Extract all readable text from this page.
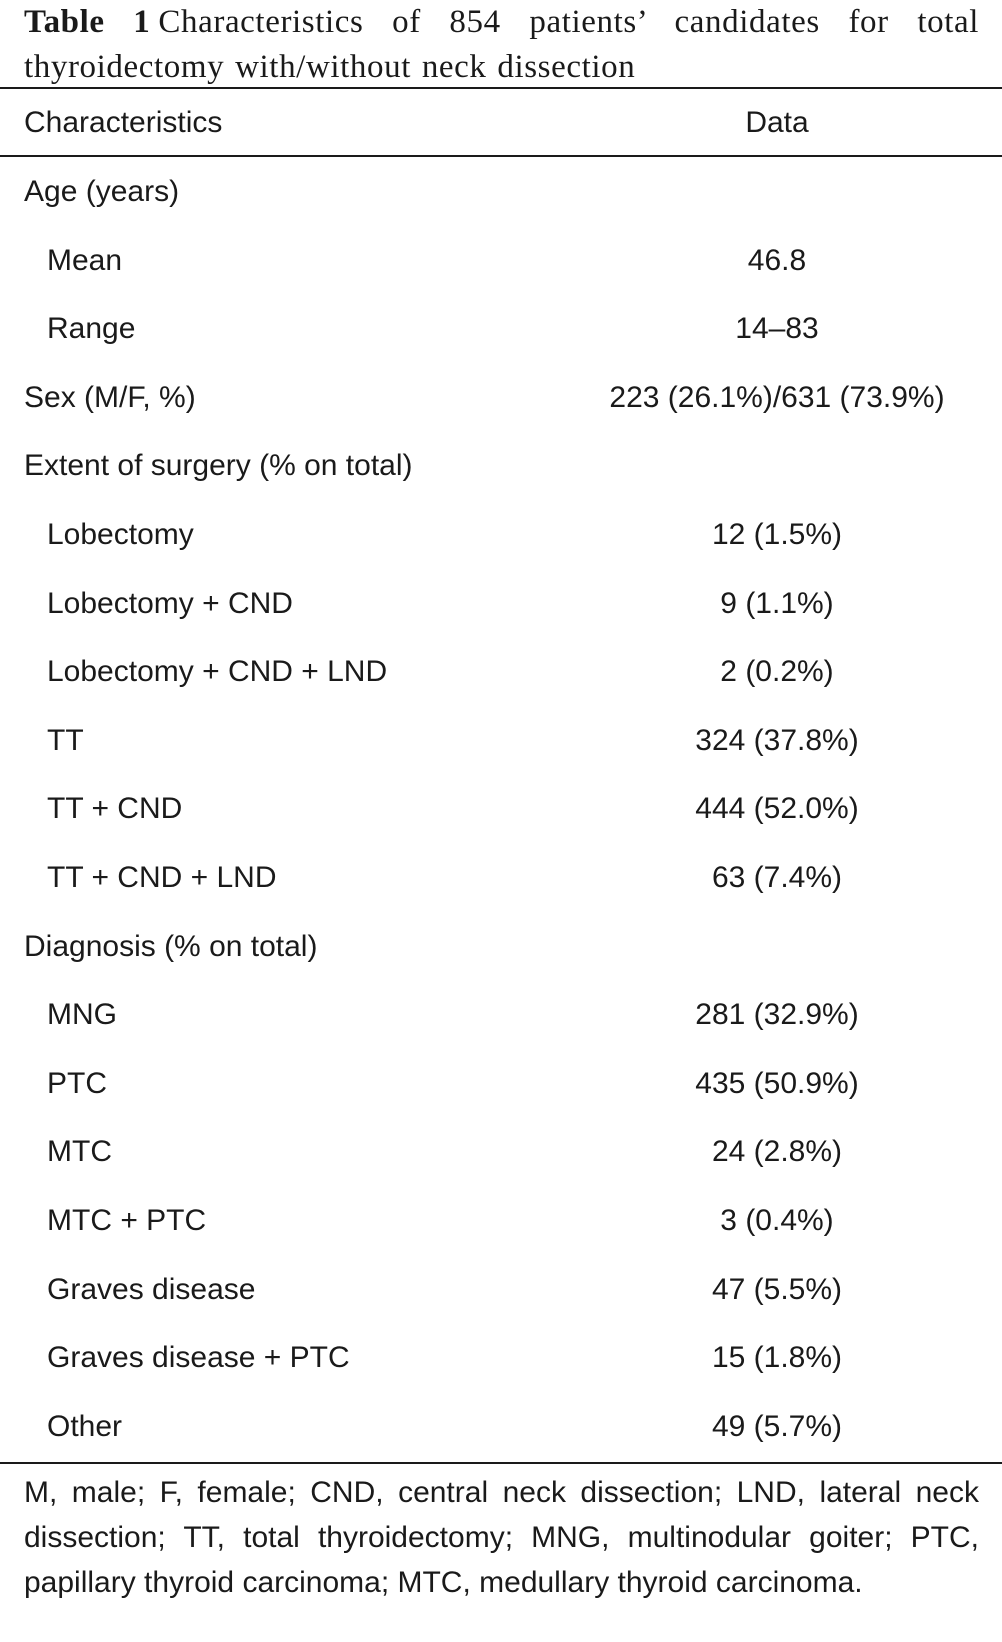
Table 1 Characteristics of 854 patients’ candidates for total thyroidectomy with/without neck dissection
Characteristics	Data
Age (years)
Mean	46.8
Range	14–83
Sex (M/F, %)	223 (26.1%)/631 (73.9%)
Extent of surgery (% on total)
Lobectomy	12 (1.5%)
Lobectomy + CND	9 (1.1%)
Lobectomy + CND + LND	2 (0.2%)
TT	324 (37.8%)
TT + CND	444 (52.0%)
TT + CND + LND	63 (7.4%)
Diagnosis (% on total)
MNG	281 (32.9%)
PTC	435 (50.9%)
MTC	24 (2.8%)
MTC + PTC	3 (0.4%)
Graves disease	47 (5.5%)
Graves disease + PTC	15 (1.8%)
Other	49 (5.7%)
M, male; F, female; CND, central neck dissection; LND, lateral neck dissection; TT, total thyroidectomy; MNG, multinodular goiter; PTC, papillary thyroid carcinoma; MTC, medullary thyroid carcinoma.
